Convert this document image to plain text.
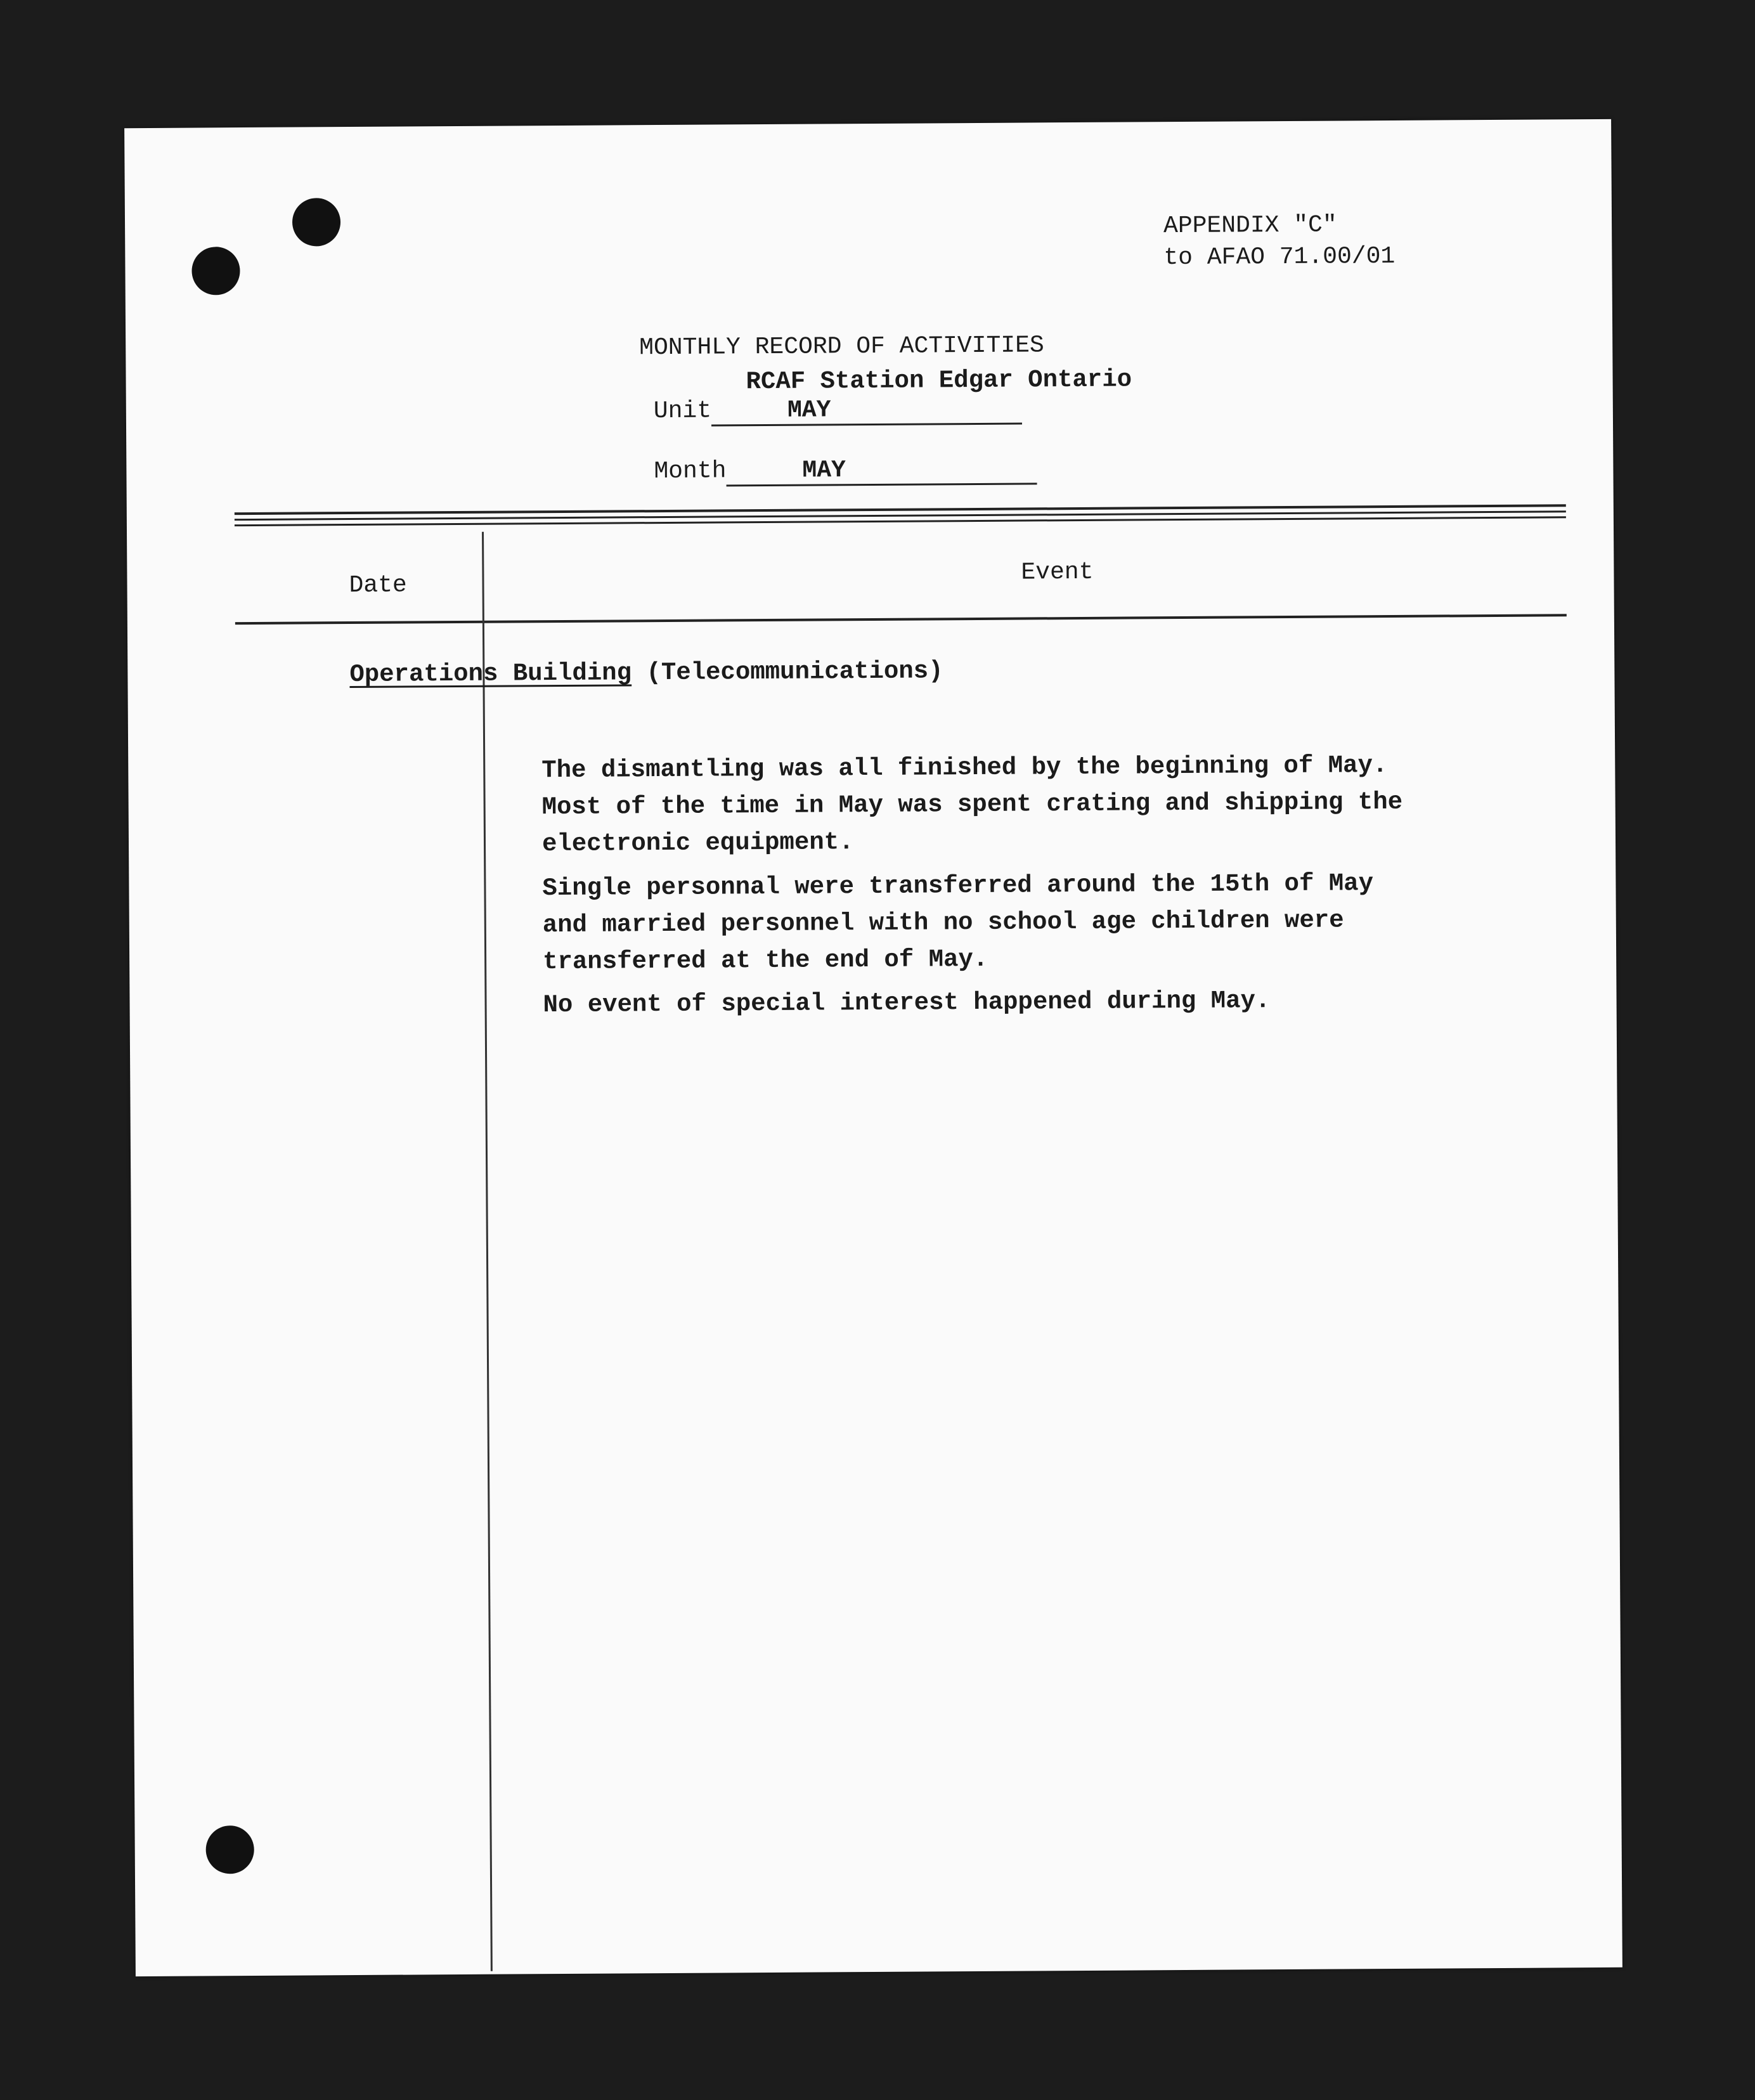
APPENDIX "C"
to AFAO 71.00/01
MONTHLY RECORD OF ACTIVITIES
RCAF Station Edgar Ontario
Unit	MAY
Month	MAY
Date	Event
Operations Building (Telecommunications)
The dismantling was all finished by the beginning of May.
Most of the time in May was spent crating and shipping the
electronic equipment.
Single personnal were transferred around the 15th of May
and married personnel with no school age children were
transferred at the end of May.
No event of special interest happened during May.
